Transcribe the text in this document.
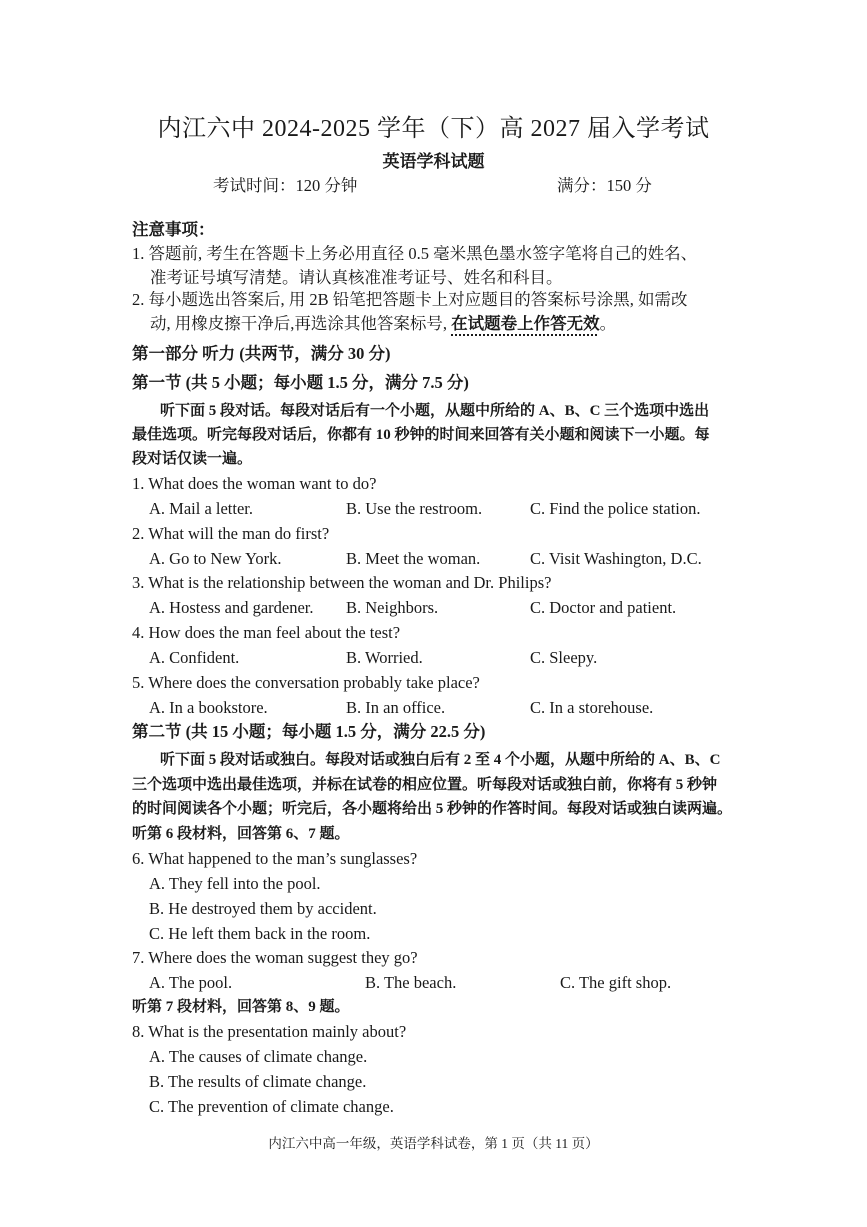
内江六中 2024-2025 学年（下）高 2027 届入学考试
英语学科试题
考试时间：120 分钟	满分：150 分
注意事项：
1. 答题前, 考生在答题卡上务必用直径 0.5 毫米黑色墨水签字笔将自己的姓名、
准考证号填写清楚。请认真核准准考证号、姓名和科目。
2. 每小题选出答案后, 用 2B 铅笔把答题卡上对应题目的答案标号涂黑, 如需改
动, 用橡皮擦干净后,再选涂其他答案标号, 在试题卷上作答无效。
第一部分 听力 (共两节，满分 30 分)
第一节 (共 5 小题；每小题 1.5 分，满分 7.5 分)
听下面 5 段对话。每段对话后有一个小题，从题中所给的 A、B、C 三个选项中选出
最佳选项。听完每段对话后，你都有 10 秒钟的时间来回答有关小题和阅读下一小题。每
段对话仅读一遍。
1. What does the woman want to do?
A. Mail a letter.	B. Use the restroom.	C. Find the police station.
2. What will the man do first?
A. Go to New York.	B. Meet the woman.	C. Visit Washington, D.C.
3. What is the relationship between the woman and Dr. Philips?
A. Hostess and gardener. B. Neighbors.	C. Doctor and patient.
4. How does the man feel about the test?
A. Confident.	B. Worried.	C. Sleepy.
5. Where does the conversation probably take place?
A. In a bookstore.	B. In an office.	C. In a storehouse.
第二节 (共 15 小题；每小题 1.5 分，满分 22.5 分)
听下面 5 段对话或独白。每段对话或独白后有 2 至 4 个小题，从题中所给的 A、B、C
三个选项中选出最佳选项，并标在试卷的相应位置。听每段对话或独白前，你将有 5 秒钟
的时间阅读各个小题；听完后，各小题将给出 5 秒钟的作答时间。每段对话或独白读两遍。
听第 6 段材料，回答第 6、7 题。
6. What happened to the man’s sunglasses?
A. They fell into the pool.
B. He destroyed them by accident.
C. He left them back in the room.
7. Where does the woman suggest they go?
A. The pool.	B. The beach.	C. The gift shop.
听第 7 段材料，回答第 8、9 题。
8. What is the presentation mainly about?
A. The causes of climate change.
B. The results of climate change.
C. The prevention of climate change.
内江六中高一年级，英语学科试卷，第 1 页（共 11 页）
